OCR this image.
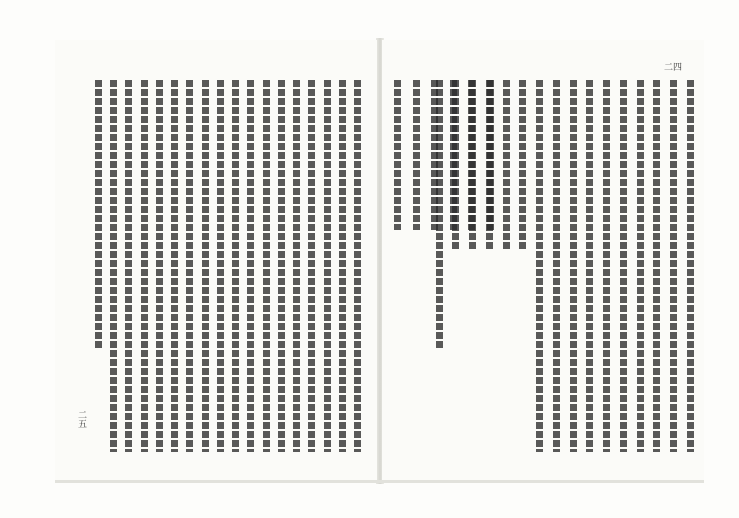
二五
二四
